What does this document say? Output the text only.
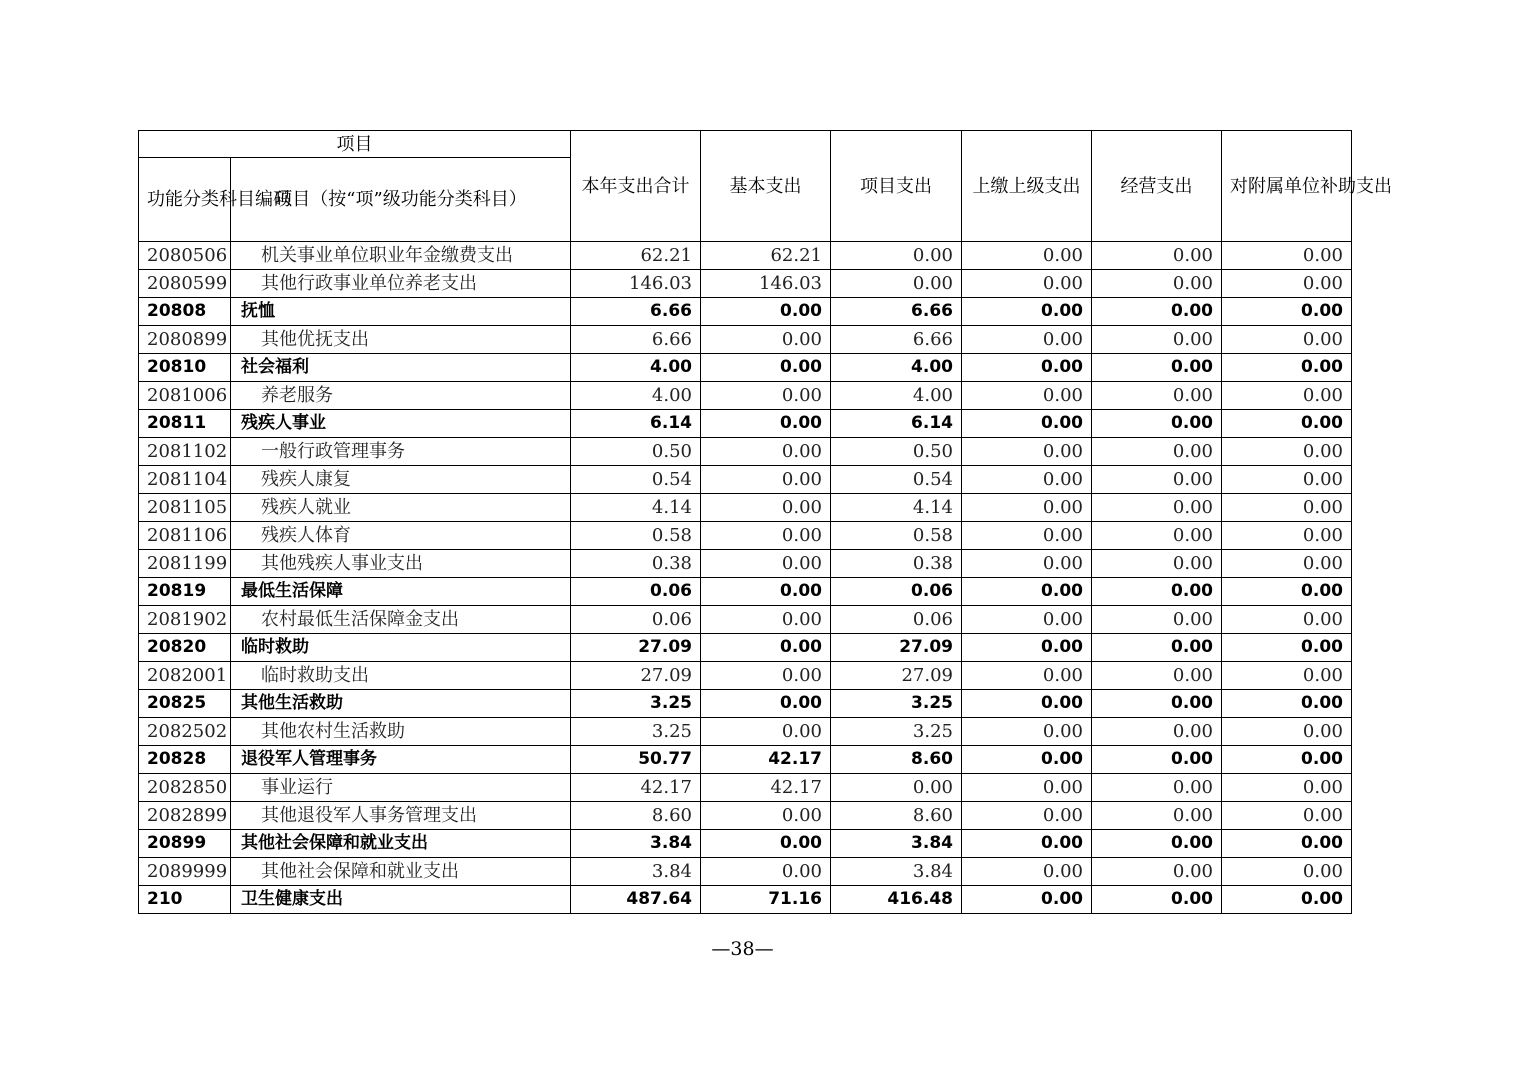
项目		本年支出合计	基本支出	项目支出	上缴上级支出	经营支出	对附属单位补助支出
功能分类科目编码	项目（按“项”级功能分类科目）						
2080506	机关事业单位职业年金缴费支出	62.21	62.21	0.00	0.00	0.00	0.00
2080599	其他行政事业单位养老支出	146.03	146.03	0.00	0.00	0.00	0.00
20808	抚恤	6.66	0.00	6.66	0.00	0.00	0.00
2080899	其他优抚支出	6.66	0.00	6.66	0.00	0.00	0.00
20810	社会福利	4.00	0.00	4.00	0.00	0.00	0.00
2081006	养老服务	4.00	0.00	4.00	0.00	0.00	0.00
20811	残疾人事业	6.14	0.00	6.14	0.00	0.00	0.00
2081102	一般行政管理事务	0.50	0.00	0.50	0.00	0.00	0.00
2081104	残疾人康复	0.54	0.00	0.54	0.00	0.00	0.00
2081105	残疾人就业	4.14	0.00	4.14	0.00	0.00	0.00
2081106	残疾人体育	0.58	0.00	0.58	0.00	0.00	0.00
2081199	其他残疾人事业支出	0.38	0.00	0.38	0.00	0.00	0.00
20819	最低生活保障	0.06	0.00	0.06	0.00	0.00	0.00
2081902	农村最低生活保障金支出	0.06	0.00	0.06	0.00	0.00	0.00
20820	临时救助	27.09	0.00	27.09	0.00	0.00	0.00
2082001	临时救助支出	27.09	0.00	27.09	0.00	0.00	0.00
20825	其他生活救助	3.25	0.00	3.25	0.00	0.00	0.00
2082502	其他农村生活救助	3.25	0.00	3.25	0.00	0.00	0.00
20828	退役军人管理事务	50.77	42.17	8.60	0.00	0.00	0.00
2082850	事业运行	42.17	42.17	0.00	0.00	0.00	0.00
2082899	其他退役军人事务管理支出	8.60	0.00	8.60	0.00	0.00	0.00
20899	其他社会保障和就业支出	3.84	0.00	3.84	0.00	0.00	0.00
2089999	其他社会保障和就业支出	3.84	0.00	3.84	0.00	0.00	0.00
210	卫生健康支出	487.64	71.16	416.48	0.00	0.00	0.00
—38—
